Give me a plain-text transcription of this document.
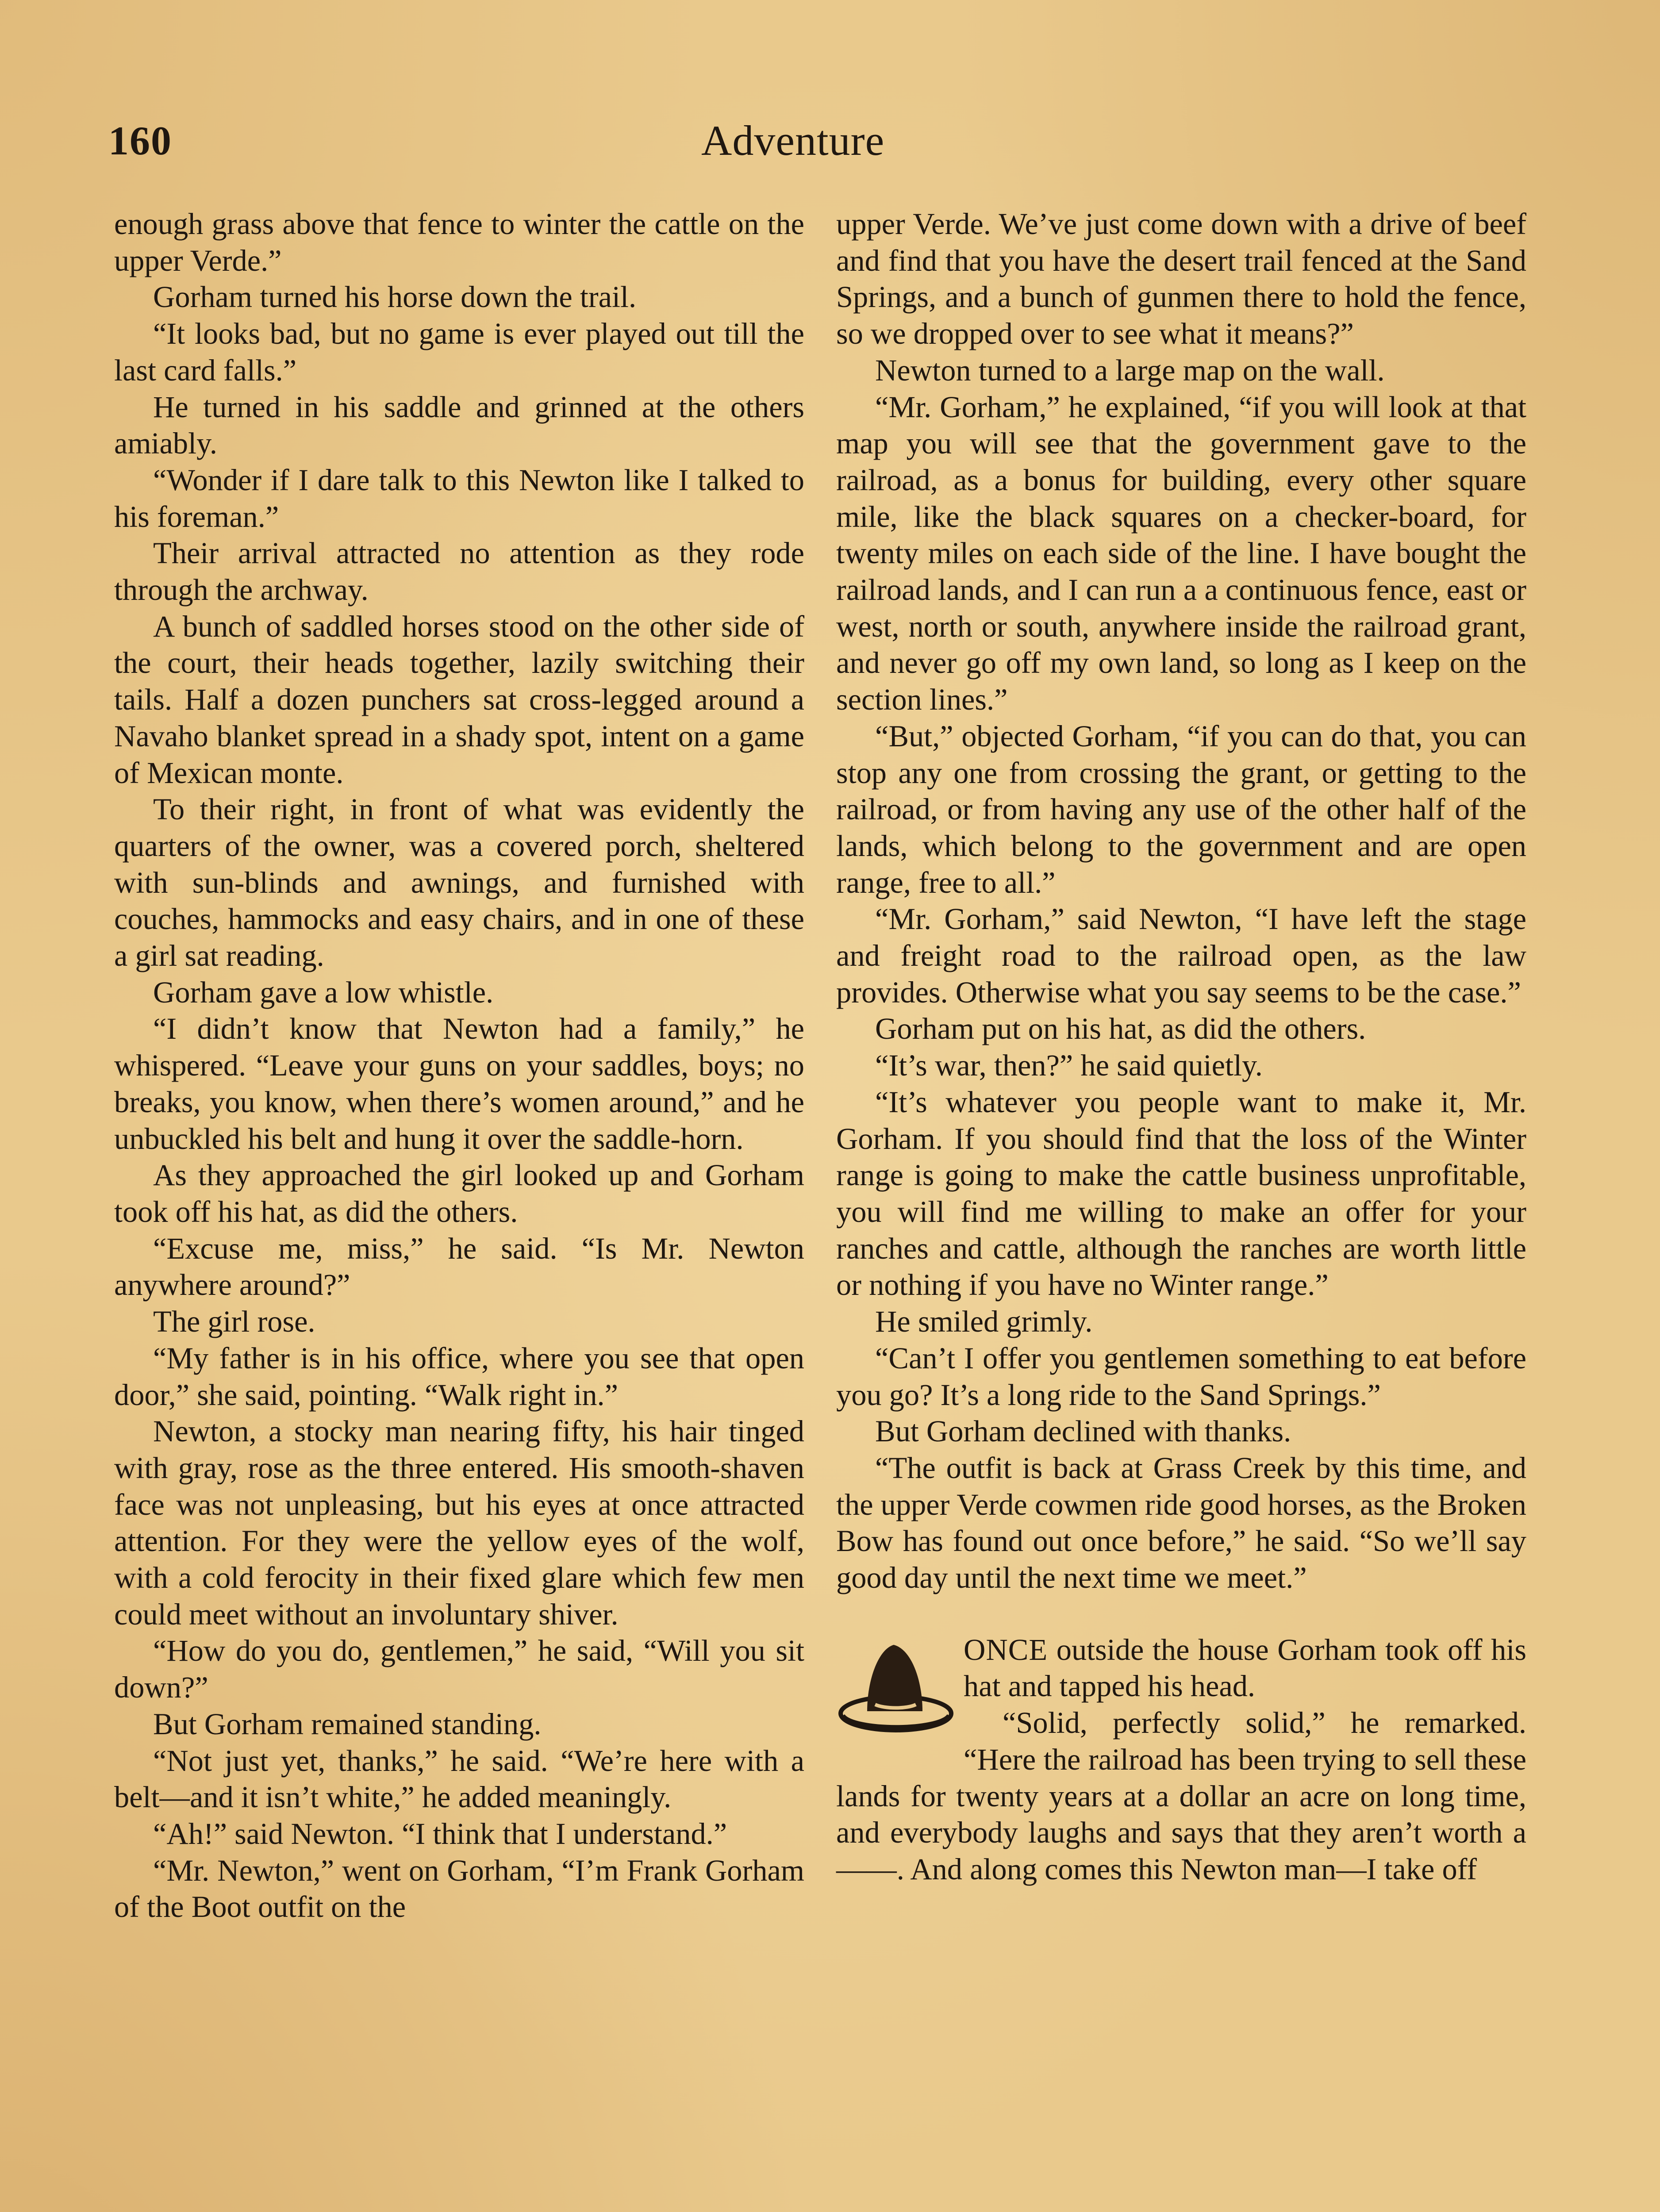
160	Adventure

enough grass above that fence to winter the cattle on the upper Verde.”

Gorham turned his horse down the trail.

“It looks bad, but no game is ever played out till the last card falls.”

He turned in his saddle and grinned at the others amiably.

“Wonder if I dare talk to this Newton like I talked to his foreman.”

Their arrival attracted no attention as they rode through the archway.

A bunch of saddled horses stood on the other side of the court, their heads together, lazily switching their tails. Half a dozen punchers sat cross-legged around a Navaho blanket spread in a shady spot, intent on a game of Mexican monte.

To their right, in front of what was evidently the quarters of the owner, was a covered porch, sheltered with sun-blinds and awnings, and furnished with couches, hammocks and easy chairs, and in one of these a girl sat reading.

Gorham gave a low whistle.

“I didn’t know that Newton had a family,” he whispered. “Leave your guns on your saddles, boys; no breaks, you know, when there’s women around,” and he unbuckled his belt and hung it over the saddle-horn.

As they approached the girl looked up and Gorham took off his hat, as did the others.

“Excuse me, miss,” he said. “Is Mr. Newton anywhere around?”

The girl rose.

“My father is in his office, where you see that open door,” she said, pointing. “Walk right in.”

Newton, a stocky man nearing fifty, his hair tinged with gray, rose as the three entered. His smooth-shaven face was not unpleasing, but his eyes at once attracted attention. For they were the yellow eyes of the wolf, with a cold ferocity in their fixed glare which few men could meet without an involuntary shiver.

“How do you do, gentlemen,” he said, “Will you sit down?”

But Gorham remained standing.

“Not just yet, thanks,” he said. “We’re here with a belt—and it isn’t white,” he added meaningly.

“Ah!” said Newton. “I think that I understand.”

“Mr. Newton,” went on Gorham, “I’m Frank Gorham of the Boot outfit on the

upper Verde. We’ve just come down with a drive of beef and find that you have the desert trail fenced at the Sand Springs, and a bunch of gunmen there to hold the fence, so we dropped over to see what it means?”

Newton turned to a large map on the wall.

“Mr. Gorham,” he explained, “if you will look at that map you will see that the government gave to the railroad, as a bonus for building, every other square mile, like the black squares on a checker-board, for twenty miles on each side of the line. I have bought the railroad lands, and I can run a a continuous fence, east or west, north or south, anywhere inside the railroad grant, and never go off my own land, so long as I keep on the section lines.”

“But,” objected Gorham, “if you can do that, you can stop any one from crossing the grant, or getting to the railroad, or from having any use of the other half of the lands, which belong to the government and are open range, free to all.”

“Mr. Gorham,” said Newton, “I have left the stage and freight road to the railroad open, as the law provides. Otherwise what you say seems to be the case.”

Gorham put on his hat, as did the others.

“It’s war, then?” he said quietly.

“It’s whatever you people want to make it, Mr. Gorham. If you should find that the loss of the Winter range is going to make the cattle business unprofitable, you will find me willing to make an offer for your ranches and cattle, although the ranches are worth little or nothing if you have no Winter range.”

He smiled grimly.

“Can’t I offer you gentlemen something to eat before you go? It’s a long ride to the Sand Springs.”

But Gorham declined with thanks.

“The outfit is back at Grass Creek by this time, and the upper Verde cowmen ride good horses, as the Broken Bow has found out once before,” he said. “So we’ll say good day until the next time we meet.”

ONCE outside the house Gorham took off his hat and tapped his head.

“Solid, perfectly solid,” he remarked. “Here the railroad has been trying to sell these lands for twenty years at a dollar an acre on long time, and everybody laughs and says that they aren’t worth a ——. And along comes this Newton man—I take off
